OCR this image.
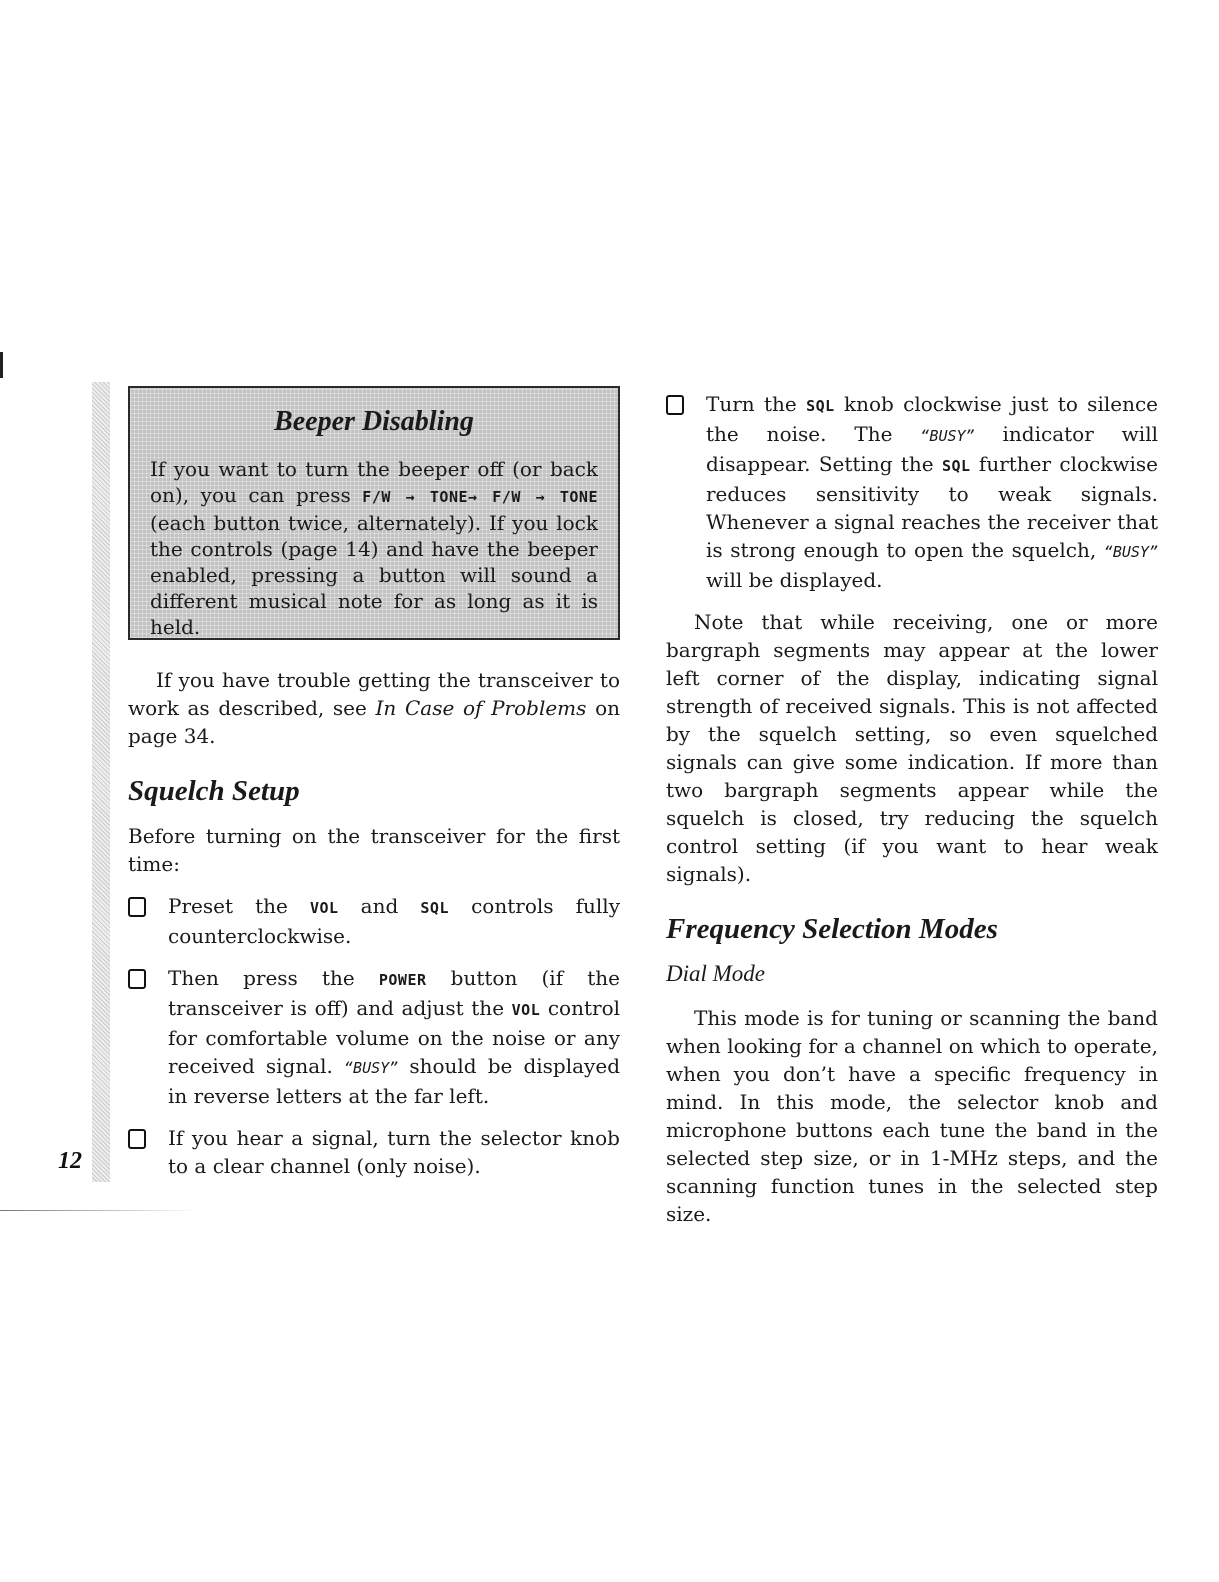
12
Beeper Disabling

If you want to turn the beeper off (or back on), you can press F/W → TONE→ F/W → TONE (each button twice, alternately). If you lock the controls (page 14) and have the beeper enabled, pressing a button will sound a different musical note for as long as it is held.

If you have trouble getting the transceiver to work as described, see In Case of Problems on page 34.

Squelch Setup

Before turning on the transceiver for the first time:

Preset the VOL and SQL controls fully counterclockwise.

Then press the POWER button (if the transceiver is off) and adjust the VOL control for comfortable volume on the noise or any received signal. “BUSY” should be displayed in reverse letters at the far left.

If you hear a signal, turn the selector knob to a clear channel (only noise).

Turn the SQL knob clockwise just to silence the noise. The “BUSY” indicator will disappear. Setting the SQL further clockwise reduces sensitivity to weak signals. Whenever a signal reaches the receiver that is strong enough to open the squelch, “BUSY” will be displayed.

Note that while receiving, one or more bargraph segments may appear at the lower left corner of the display, indicating signal strength of received signals. This is not affected by the squelch setting, so even squelched signals can give some indication. If more than two bargraph segments appear while the squelch is closed, try reducing the squelch control setting (if you want to hear weak signals).

Frequency Selection Modes
Dial Mode

This mode is for tuning or scanning the band when looking for a channel on which to operate, when you don’t have a specific frequency in mind. In this mode, the selector knob and microphone buttons each tune the band in the selected step size, or in 1-MHz steps, and the scanning function tunes in the selected step size.
